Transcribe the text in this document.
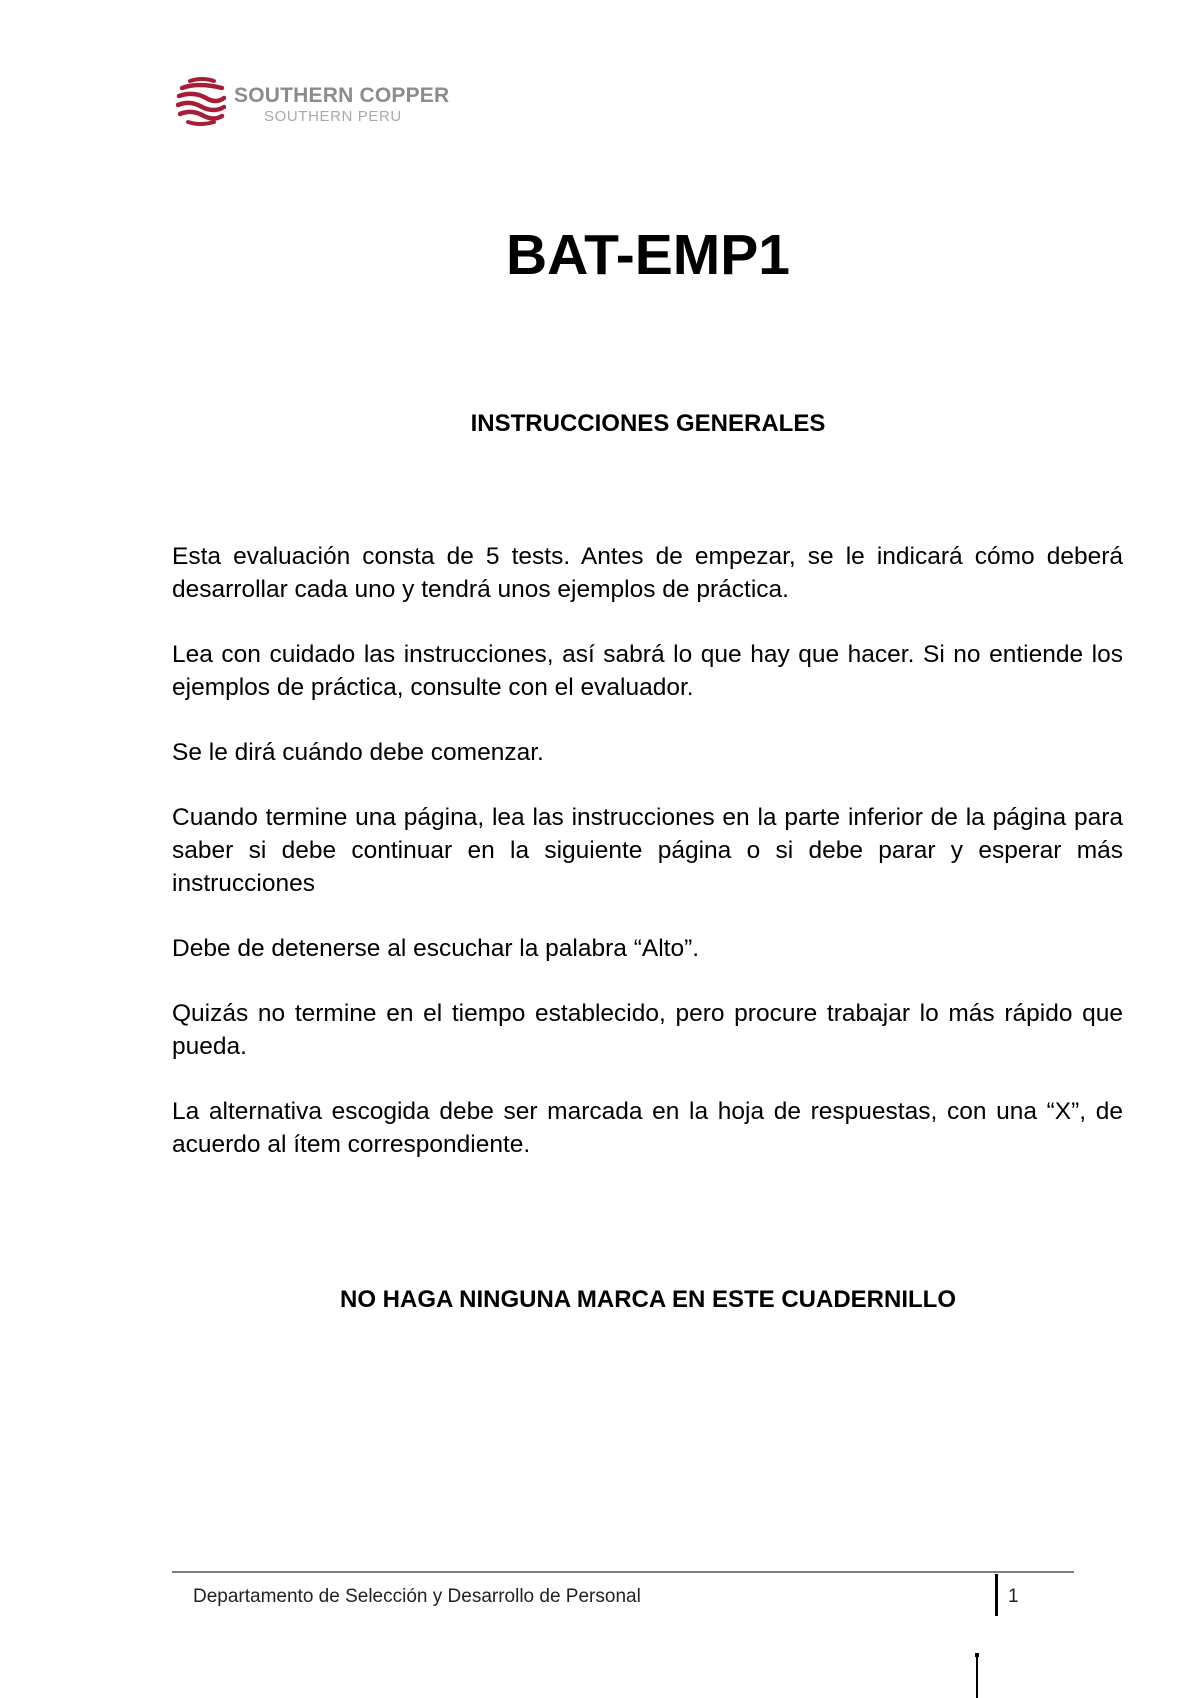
SOUTHERN COPPER
SOUTHERN PERU
BAT-EMP1
INSTRUCCIONES GENERALES

Esta evaluación consta de 5 tests. Antes de empezar, se le indicará cómo deberá desarrollar cada uno y tendrá unos ejemplos de práctica.

Lea con cuidado las instrucciones, así sabrá lo que hay que hacer. Si no entiende los ejemplos de práctica, consulte con el evaluador.

Se le dirá cuándo debe comenzar.

Cuando termine una página, lea las instrucciones en la parte inferior de la página para saber si debe continuar en la siguiente página o si debe parar y esperar más instrucciones

Debe de detenerse al escuchar la palabra “Alto”.

Quizás no termine en el tiempo establecido, pero procure trabajar lo más rápido que pueda.

La alternativa escogida debe ser marcada en la hoja de respuestas, con una “X”, de acuerdo al ítem correspondiente.

NO HAGA NINGUNA MARCA EN ESTE CUADERNILLO
Departamento de Selección y Desarrollo de Personal	1
